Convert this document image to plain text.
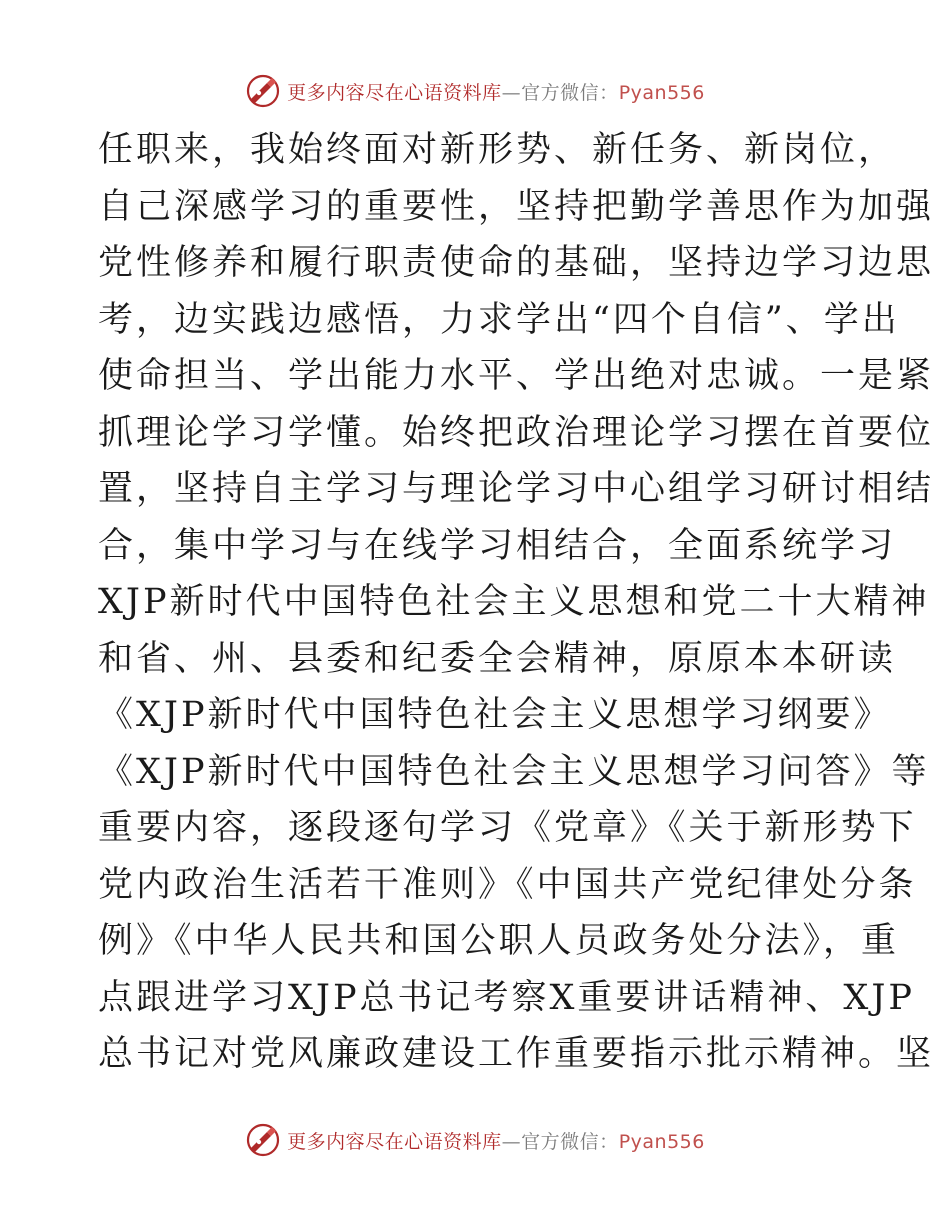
更多内容尽在心语资料库—官方微信：Pyan556
任职来，我始终面对新形势、新任务、新岗位，
自己深感学习的重要性，坚持把勤学善思作为加强
党性修养和履行职责使命的基础，坚持边学习边思
考，边实践边感悟，力求学出“四个自信”、学出
使命担当、学出能力水平、学出绝对忠诚。一是紧
抓理论学习学懂。始终把政治理论学习摆在首要位
置，坚持自主学习与理论学习中心组学习研讨相结
合，集中学习与在线学习相结合，全面系统学习
XJP新时代中国特色社会主义思想和党二十大精神
和省、州、县委和纪委全会精神，原原本本研读
《XJP新时代中国特色社会主义思想学习纲要》
《XJP新时代中国特色社会主义思想学习问答》等
重要内容，逐段逐句学习《党章》《关于新形势下
党内政治生活若干准则》《中国共产党纪律处分条
例》《中华人民共和国公职人员政务处分法》，重
点跟进学习XJP总书记考察X重要讲话精神、XJP
总书记对党风廉政建设工作重要指示批示精神。坚
更多内容尽在心语资料库—官方微信：Pyan556
